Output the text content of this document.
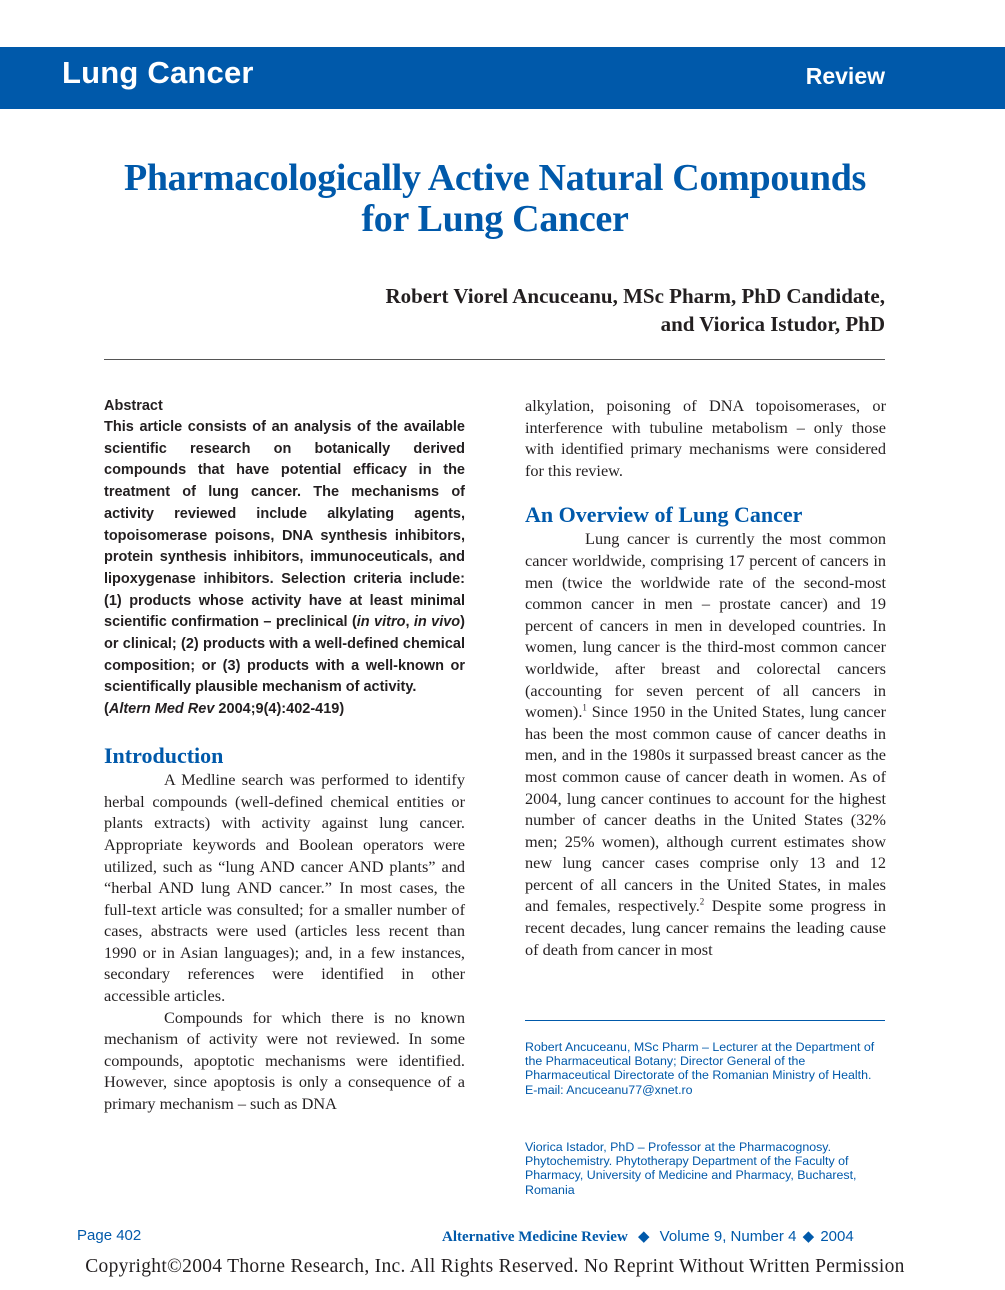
Lung Cancer	Review
Pharmacologically Active Natural Compounds
for Lung Cancer
Robert Viorel Ancuceanu, MSc Pharm, PhD Candidate,
and Viorica Istudor, PhD

Abstract

This article consists of an analysis of the available scientific research on botanically derived compounds that have potential efficacy in the treatment of lung cancer. The mechanisms of activity reviewed include alkylating agents, topoisomerase poisons, DNA synthesis inhibitors, protein synthesis inhibitors, immunoceuticals, and lipoxygenase inhibitors. Selection criteria include: (1) products whose activity have at least minimal scientific confirmation – preclinical (in vitro, in vivo) or clinical; (2) products with a well-defined chemical composition; or (3) products with a well-known or scientifically plausible mechanism of activity.

(Altern Med Rev 2004;9(4):402-419)

Introduction

A Medline search was performed to identify herbal compounds (well-defined chemical entities or plants extracts) with activity against lung cancer. Appropriate keywords and Boolean operators were utilized, such as “lung AND cancer AND plants” and “herbal AND lung AND cancer.” In most cases, the full-text article was consulted; for a smaller number of cases, abstracts were used (articles less recent than 1990 or in Asian languages); and, in a few instances, secondary references were identified in other accessible articles.

Compounds for which there is no known mechanism of activity were not reviewed. In some compounds, apoptotic mechanisms were identified. However, since apoptosis is only a consequence of a primary mechanism – such as DNA

alkylation, poisoning of DNA topoisomerases, or interference with tubuline metabolism – only those with identified primary mechanisms were considered for this review.

An Overview of Lung Cancer

Lung cancer is currently the most common cancer worldwide, comprising 17 percent of cancers in men (twice the worldwide rate of the second-most common cancer in men – prostate cancer) and 19 percent of cancers in men in developed countries. In women, lung cancer is the third-most common cancer worldwide, after breast and colorectal cancers (accounting for seven percent of all cancers in women).$^1$ Since 1950 in the United States, lung cancer has been the most common cause of cancer deaths in men, and in the 1980s it surpassed breast cancer as the most common cause of cancer death in women. As of 2004, lung cancer continues to account for the highest number of cancer deaths in the United States (32% men; 25% women), although current estimates show new lung cancer cases comprise only 13 and 12 percent of all cancers in the United States, in males and females, respectively.$^2$ Despite some progress in recent decades, lung cancer remains the leading cause of death from cancer in most

Robert Ancuceanu, MSc Pharm – Lecturer at the Department of the Pharmaceutical Botany; Director General of the Pharmaceutical Directorate of the Romanian Ministry of Health.
E-mail: Ancuceanu77@xnet.ro

Viorica Istador, PhD – Professor at the Pharmacognosy. Phytochemistry. Phytotherapy Department of the Faculty of Pharmacy, University of Medicine and Pharmacy, Bucharest, Romania

Page 402	Alternative Medicine Review ◆ Volume 9, Number 4 ◆ 2004
Copyright©2004 Thorne Research, Inc. All Rights Reserved. No Reprint Without Written Permission
